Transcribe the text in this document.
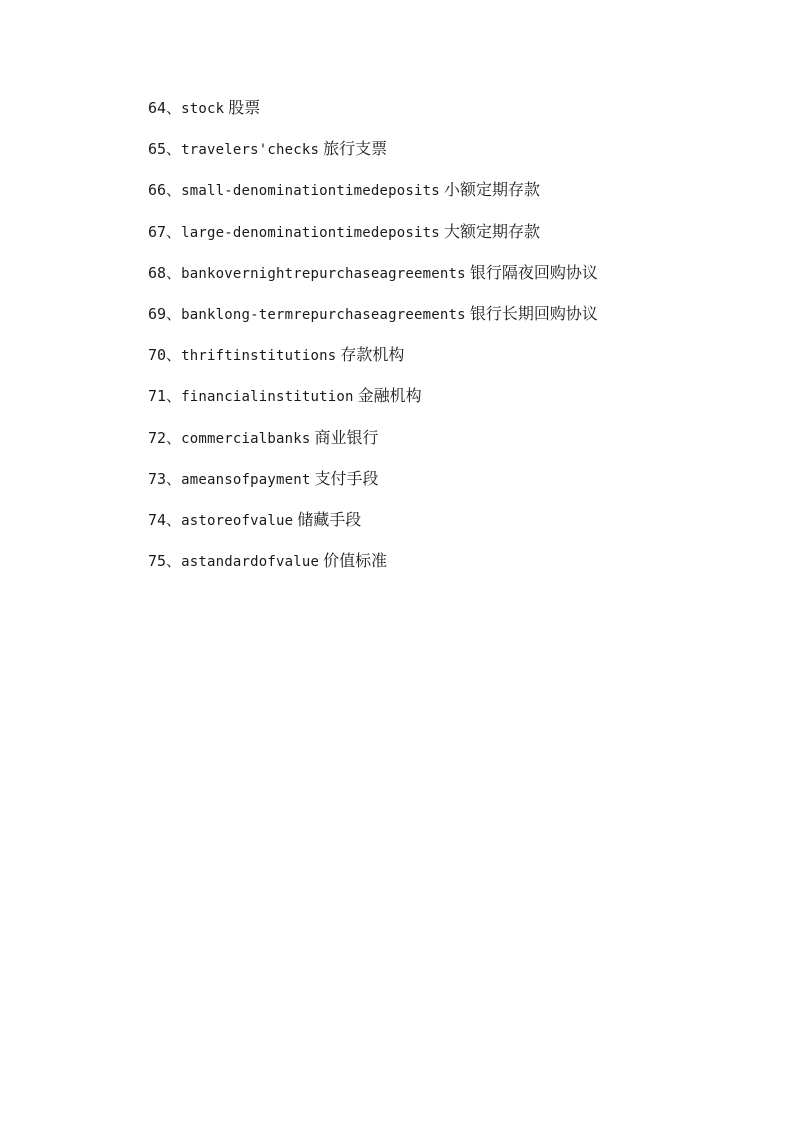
64、stock 股票
65、travelers'checks 旅行支票
66、small-denominationtimedeposits 小额定期存款
67、large-denominationtimedeposits 大额定期存款
68、bankovernightrepurchaseagreements 银行隔夜回购协议
69、banklong-termrepurchaseagreements 银行长期回购协议
70、thriftinstitutions 存款机构
71、financialinstitution 金融机构
72、commercialbanks 商业银行
73、ameansofpayment 支付手段
74、astoreofvalue 储藏手段
75、astandardofvalue 价值标准
